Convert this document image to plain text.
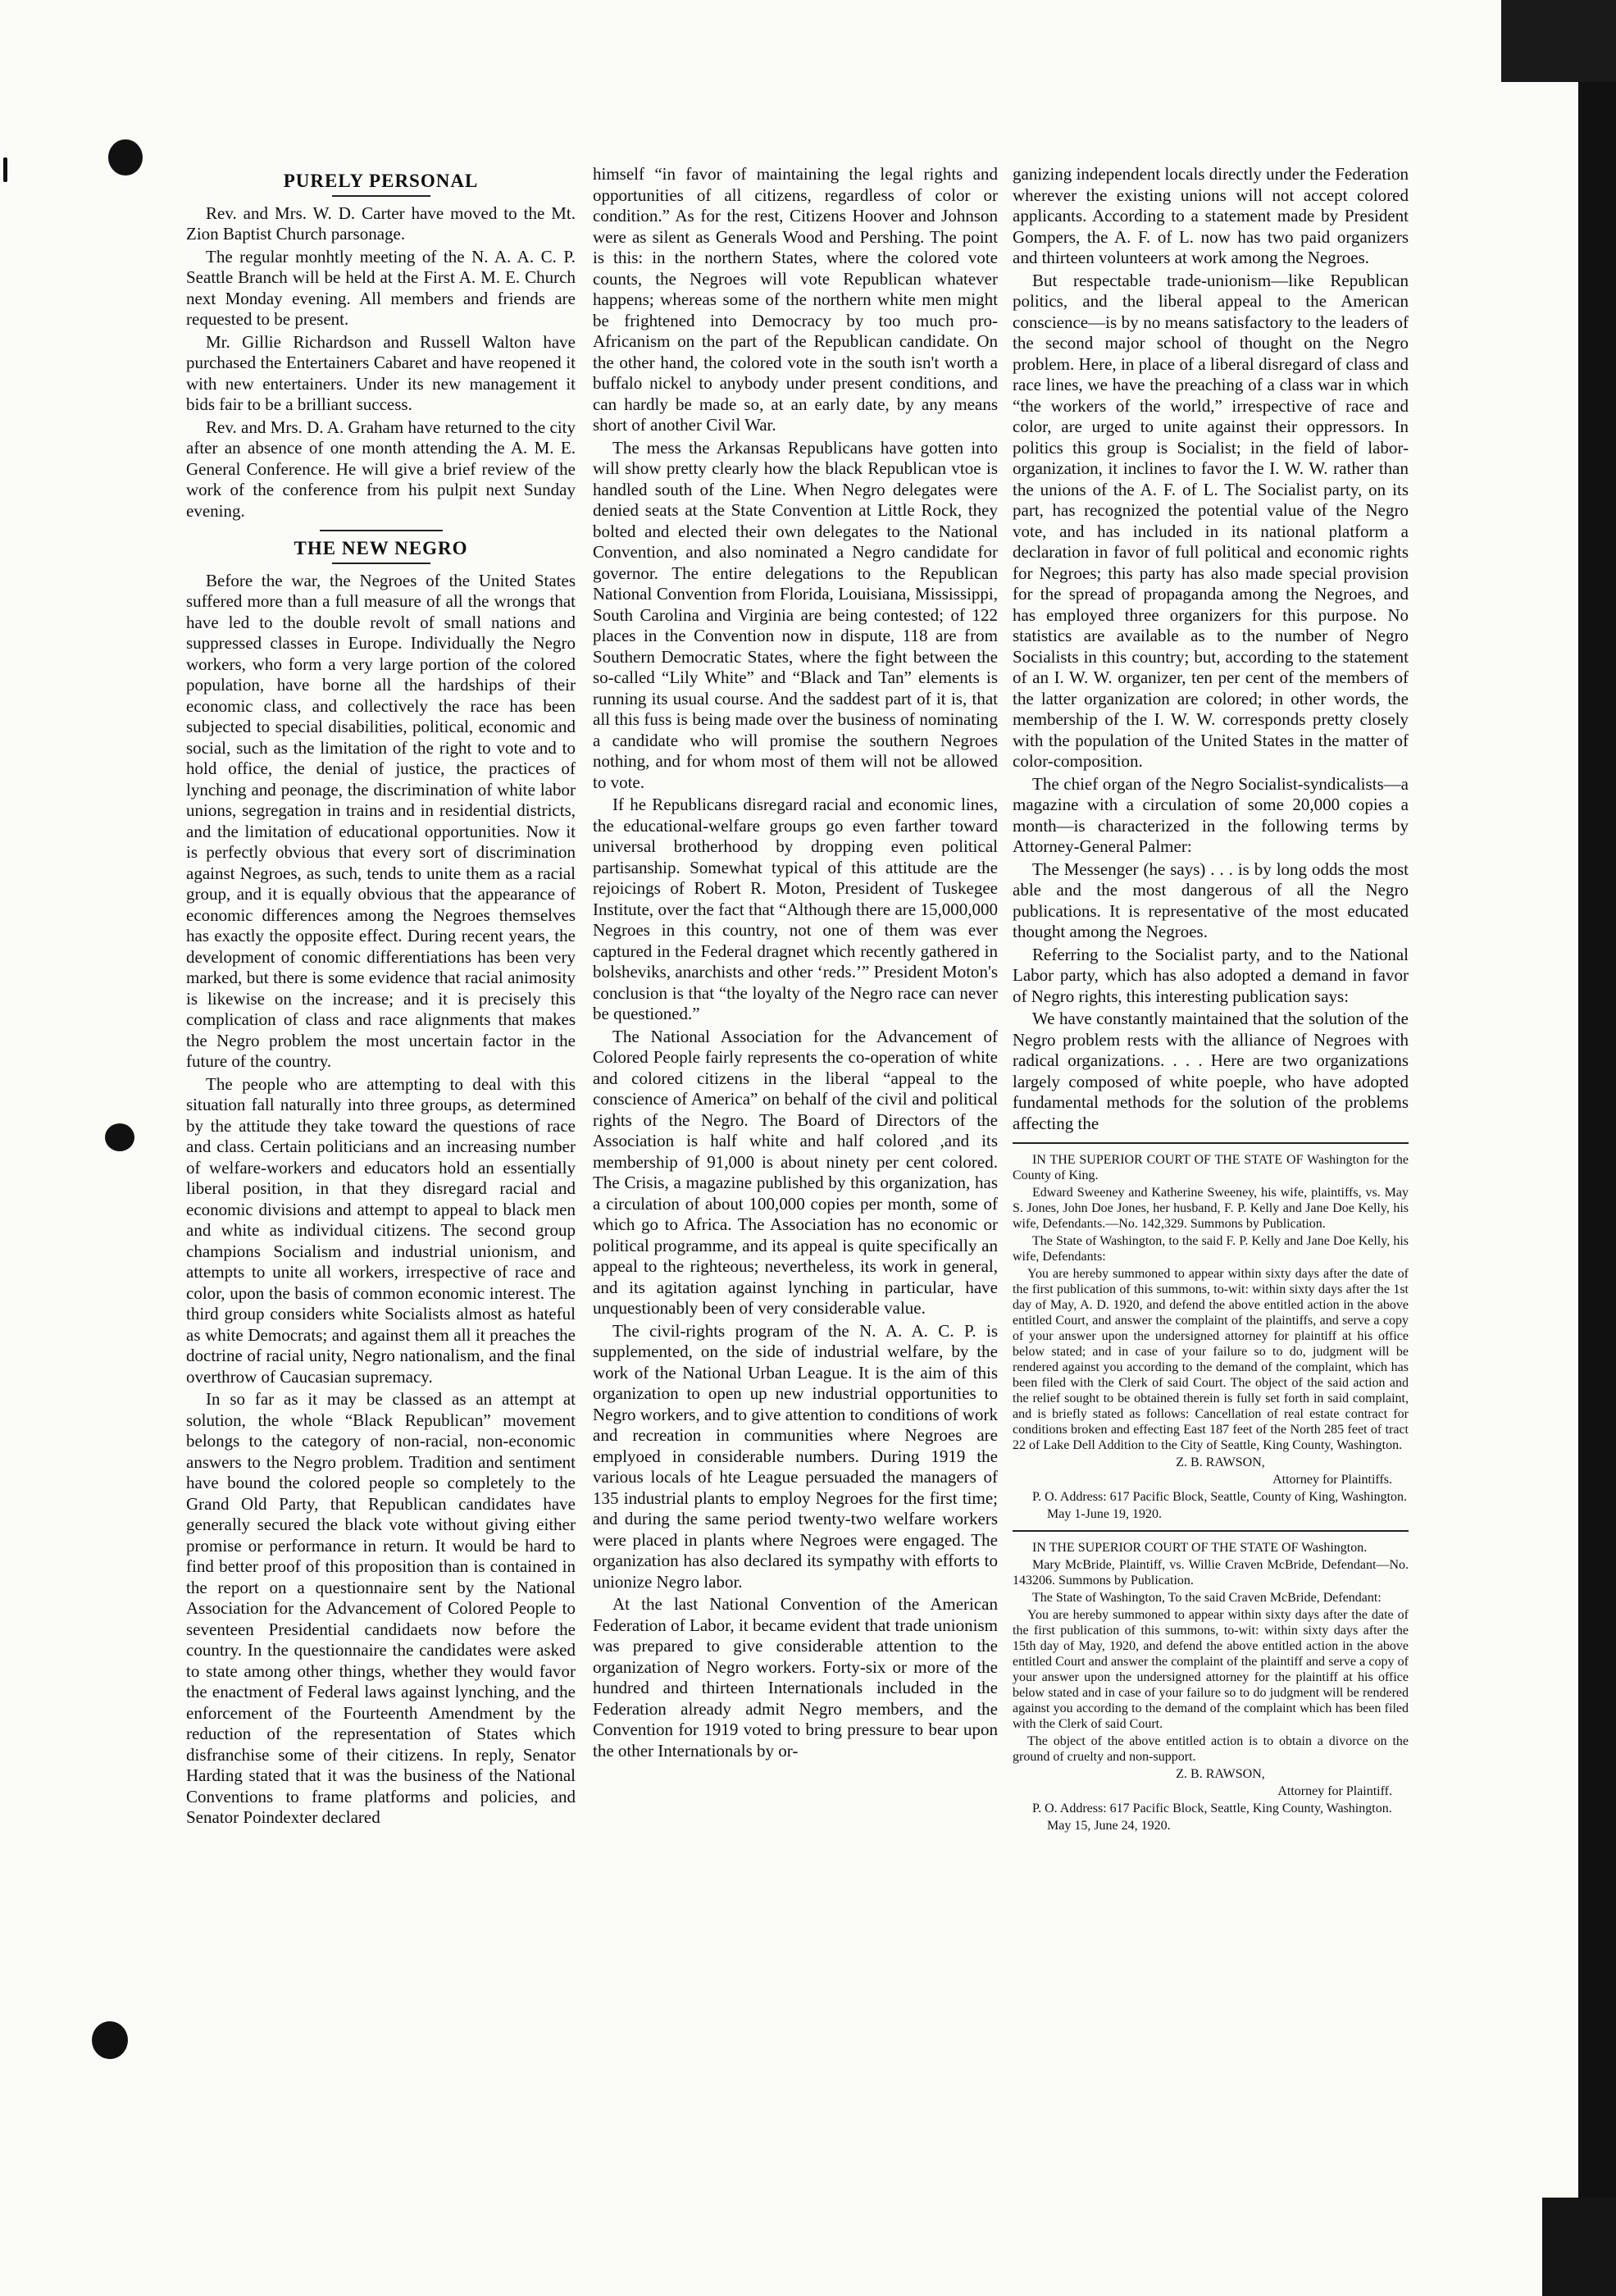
PURELY PERSONAL

Rev. and Mrs. W. D. Carter have moved to the Mt. Zion Baptist Church parsonage.

The regular monhtly meeting of the N. A. A. C. P. Seattle Branch will be held at the First A. M. E. Church next Monday evening. All members and friends are requested to be present.

Mr. Gillie Richardson and Russell Walton have purchased the Entertainers Cabaret and have reopened it with new entertainers. Under its new management it bids fair to be a brilliant success.

Rev. and Mrs. D. A. Graham have returned to the city after an absence of one month attending the A. M. E. General Conference. He will give a brief review of the work of the conference from his pulpit next Sunday evening.

THE NEW NEGRO

Before the war, the Negroes of the United States suffered more than a full measure of all the wrongs that have led to the double revolt of small nations and suppressed classes in Europe. Individually the Negro workers, who form a very large portion of the colored population, have borne all the hardships of their economic class, and collectively the race has been subjected to special disabilities, political, economic and social, such as the limitation of the right to vote and to hold office, the denial of justice, the practices of lynching and peonage, the discrimination of white labor unions, segregation in trains and in residential districts, and the limitation of educational opportunities. Now it is perfectly obvious that every sort of discrimination against Negroes, as such, tends to unite them as a racial group, and it is equally obvious that the appearance of economic differences among the Negroes themselves has exactly the opposite effect. During recent years, the development of conomic differentiations has been very marked, but there is some evidence that racial animosity is likewise on the increase; and it is precisely this complication of class and race alignments that makes the Negro problem the most uncertain factor in the future of the country.

The people who are attempting to deal with this situation fall naturally into three groups, as determined by the attitude they take toward the questions of race and class. Certain politicians and an increasing number of welfare-workers and educators hold an essentially liberal position, in that they disregard racial and economic divisions and attempt to appeal to black men and white as individual citizens. The second group champions Socialism and industrial unionism, and attempts to unite all workers, irrespective of race and color, upon the basis of common economic interest. The third group considers white Socialists almost as hateful as white Democrats; and against them all it preaches the doctrine of racial unity, Negro nationalism, and the final overthrow of Caucasian supremacy.

In so far as it may be classed as an attempt at solution, the whole “Black Republican” movement belongs to the category of non-racial, non-economic answers to the Negro problem. Tradition and sentiment have bound the colored people so completely to the Grand Old Party, that Republican candidates have generally secured the black vote without giving either promise or performance in return. It would be hard to find better proof of this proposition than is contained in the report on a questionnaire sent by the National Association for the Advancement of Colored People to seventeen Presidential candidaets now before the country. In the questionnaire the candidates were asked to state among other things, whether they would favor the enactment of Federal laws against lynching, and the enforcement of the Fourteenth Amendment by the reduction of the representation of States which disfranchise some of their citizens. In reply, Senator Harding stated that it was the business of the National Conventions to frame platforms and policies, and Senator Poindexter declared

himself “in favor of maintaining the legal rights and opportunities of all citizens, regardless of color or condition.” As for the rest, Citizens Hoover and Johnson were as silent as Generals Wood and Pershing. The point is this: in the northern States, where the colored vote counts, the Negroes will vote Republican whatever happens; whereas some of the northern white men might be frightened into Democracy by too much pro-Africanism on the part of the Republican candidate. On the other hand, the colored vote in the south isn't worth a buffalo nickel to anybody under present conditions, and can hardly be made so, at an early date, by any means short of another Civil War.

The mess the Arkansas Republicans have gotten into will show pretty clearly how the black Republican vtoe is handled south of the Line. When Negro delegates were denied seats at the State Convention at Little Rock, they bolted and elected their own delegates to the National Convention, and also nominated a Negro candidate for governor. The entire delegations to the Republican National Convention from Florida, Louisiana, Mississippi, South Carolina and Virginia are being contested; of 122 places in the Convention now in dispute, 118 are from Southern Democratic States, where the fight between the so-called “Lily White” and “Black and Tan” elements is running its usual course. And the saddest part of it is, that all this fuss is being made over the business of nominating a candidate who will promise the southern Negroes nothing, and for whom most of them will not be allowed to vote.

If he Republicans disregard racial and economic lines, the educational-welfare groups go even farther toward universal brotherhood by dropping even political partisanship. Somewhat typical of this attitude are the rejoicings of Robert R. Moton, President of Tuskegee Institute, over the fact that “Although there are 15,000,000 Negroes in this country, not one of them was ever captured in the Federal dragnet which recently gathered in bolsheviks, anarchists and other ‘reds.’” President Moton's conclusion is that “the loyalty of the Negro race can never be questioned.”

The National Association for the Advancement of Colored People fairly represents the co-operation of white and colored citizens in the liberal “appeal to the conscience of America” on behalf of the civil and political rights of the Negro. The Board of Directors of the Association is half white and half colored ,and its membership of 91,000 is about ninety per cent colored. The Crisis, a magazine published by this organization, has a circulation of about 100,000 copies per month, some of which go to Africa. The Association has no economic or political programme, and its appeal is quite specifically an appeal to the righteous; nevertheless, its work in general, and its agitation against lynching in particular, have unquestionably been of very considerable value.

The civil-rights program of the N. A. A. C. P. is supplemented, on the side of industrial welfare, by the work of the National Urban League. It is the aim of this organization to open up new industrial opportunities to Negro workers, and to give attention to conditions of work and recreation in communities where Negroes are emplyoed in considerable numbers. During 1919 the various locals of hte League persuaded the managers of 135 industrial plants to employ Negroes for the first time; and during the same period twenty-two welfare workers were placed in plants where Negroes were engaged. The organization has also declared its sympathy with efforts to unionize Negro labor.

At the last National Convention of the American Federation of Labor, it became evident that trade unionism was prepared to give considerable attention to the organization of Negro workers. Forty-six or more of the hundred and thirteen Internationals included in the Federation already admit Negro members, and the Convention for 1919 voted to bring pressure to bear upon the other Internationals by or-

ganizing independent locals directly under the Federation wherever the existing unions will not accept colored applicants. According to a statement made by President Gompers, the A. F. of L. now has two paid organizers and thirteen volunteers at work among the Negroes.

But respectable trade-unionism—like Republican politics, and the liberal appeal to the American conscience—is by no means satisfactory to the leaders of the second major school of thought on the Negro problem. Here, in place of a liberal disregard of class and race lines, we have the preaching of a class war in which “the workers of the world,” irrespective of race and color, are urged to unite against their oppressors. In politics this group is Socialist; in the field of labor-organization, it inclines to favor the I. W. W. rather than the unions of the A. F. of L. The Socialist party, on its part, has recognized the potential value of the Negro vote, and has included in its national platform a declaration in favor of full political and economic rights for Negroes; this party has also made special provision for the spread of propaganda among the Negroes, and has employed three organizers for this purpose. No statistics are available as to the number of Negro Socialists in this country; but, according to the statement of an I. W. W. organizer, ten per cent of the members of the latter organization are colored; in other words, the membership of the I. W. W. corresponds pretty closely with the population of the United States in the matter of color-composition.

The chief organ of the Negro Socialist-syndicalists—a magazine with a circulation of some 20,000 copies a month—is characterized in the following terms by Attorney-General Palmer:

The Messenger (he says) . . . is by long odds the most able and the most dangerous of all the Negro publications. It is representative of the most educated thought among the Negroes.

Referring to the Socialist party, and to the National Labor party, which has also adopted a demand in favor of Negro rights, this interesting publication says:

We have constantly maintained that the solution of the Negro problem rests with the alliance of Negroes with radical organizations. . . . Here are two organizations largely composed of white poeple, who have adopted fundamental methods for the solution of the problems affecting the

IN THE SUPERIOR COURT OF THE STATE OF Washington for the County of King.

Edward Sweeney and Katherine Sweeney, his wife, plaintiffs, vs. May S. Jones, John Doe Jones, her husband, F. P. Kelly and Jane Doe Kelly, his wife, Defendants.—No. 142,329. Summons by Publication.

The State of Washington, to the said F. P. Kelly and Jane Doe Kelly, his wife, Defendants:

You are hereby summoned to appear within sixty days after the date of the first publication of this summons, to-wit: within sixty days after the 1st day of May, A. D. 1920, and defend the above entitled action in the above entitled Court, and answer the complaint of the plaintiffs, and serve a copy of your answer upon the undersigned attorney for plaintiff at his office below stated; and in case of your failure so to do, judgment will be rendered against you according to the demand of the complaint, which has been filed with the Clerk of said Court. The object of the said action and the relief sought to be obtained therein is fully set forth in said complaint, and is briefly stated as follows: Cancellation of real estate contract for conditions broken and effecting East 187 feet of the North 285 feet of tract 22 of Lake Dell Addition to the City of Seattle, King County, Washington.

Z. B. RAWSON,

Attorney for Plaintiffs.

P. O. Address: 617 Pacific Block, Seattle, County of King, Washington.

May 1-June 19, 1920.

IN THE SUPERIOR COURT OF THE STATE OF Washington.

Mary McBride, Plaintiff, vs. Willie Craven McBride, Defendant—No. 143206. Summons by Publication.

The State of Washington, To the said Craven McBride, Defendant:

You are hereby summoned to appear within sixty days after the date of the first publication of this summons, to-wit: within sixty days after the 15th day of May, 1920, and defend the above entitled action in the above entitled Court and answer the complaint of the plaintiff and serve a copy of your answer upon the undersigned attorney for the plaintiff at his office below stated and in case of your failure so to do judgment will be rendered against you according to the demand of the complaint which has been filed with the Clerk of said Court.

The object of the above entitled action is to obtain a divorce on the ground of cruelty and non-support.

Z. B. RAWSON,

Attorney for Plaintiff.

P. O. Address: 617 Pacific Block, Seattle, King County, Washington.

May 15, June 24, 1920.
